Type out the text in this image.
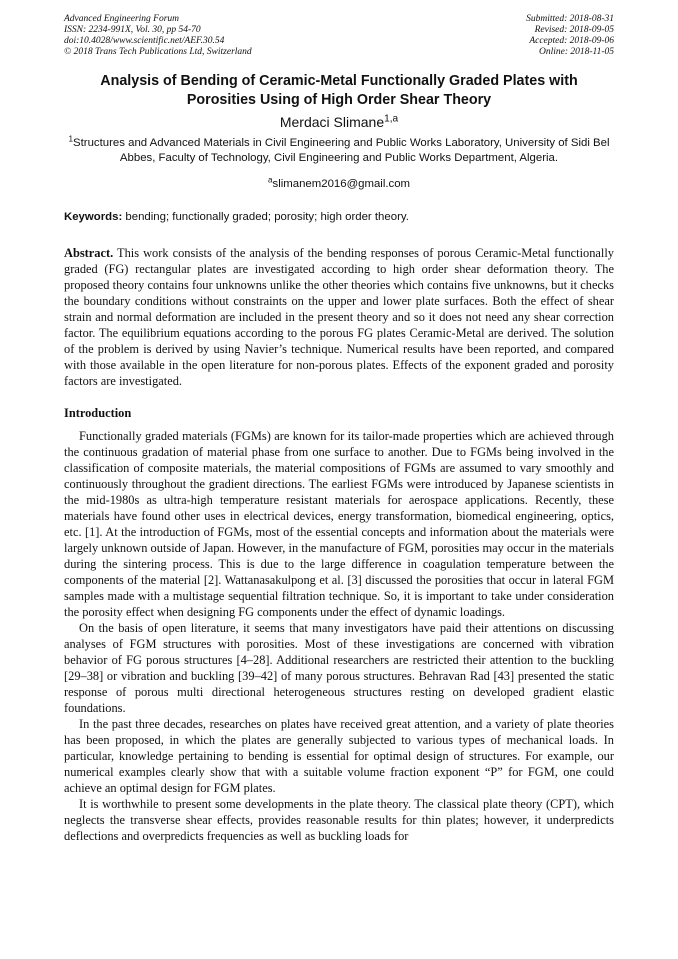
Advanced Engineering Forum
ISSN: 2234-991X, Vol. 30, pp 54-70
doi:10.4028/www.scientific.net/AEF.30.54
© 2018 Trans Tech Publications Ltd, Switzerland
Submitted: 2018-08-31
Revised: 2018-09-05
Accepted: 2018-09-06
Online: 2018-11-05
Analysis of Bending of Ceramic-Metal Functionally Graded Plates with Porosities Using of High Order Shear Theory
Merdaci Slimane$^{1,a}$
$^1$Structures and Advanced Materials in Civil Engineering and Public Works Laboratory, University of Sidi Bel Abbes, Faculty of Technology, Civil Engineering and Public Works Department, Algeria.
$^a$slimanem2016@gmail.com
Keywords: bending; functionally graded; porosity; high order theory.

Abstract. This work consists of the analysis of the bending responses of porous Ceramic-Metal functionally graded (FG) rectangular plates are investigated according to high order shear deformation theory. The proposed theory contains four unknowns unlike the other theories which contains five unknowns, but it checks the boundary conditions without constraints on the upper and lower plate surfaces. Both the effect of shear strain and normal deformation are included in the present theory and so it does not need any shear correction factor. The equilibrium equations according to the porous FG plates Ceramic-Metal are derived. The solution of the problem is derived by using Navier’s technique. Numerical results have been reported, and compared with those available in the open literature for non-porous plates. Effects of the exponent graded and porosity factors are investigated.

Introduction

Functionally graded materials (FGMs) are known for its tailor-made properties which are achieved through the continuous gradation of material phase from one surface to another. Due to FGMs being involved in the classification of composite materials, the material compositions of FGMs are assumed to vary smoothly and continuously throughout the gradient directions. The earliest FGMs were introduced by Japanese scientists in the mid-1980s as ultra-high temperature resistant materials for aerospace applications. Recently, these materials have found other uses in electrical devices, energy transformation, biomedical engineering, optics, etc. [1]. At the introduction of FGMs, most of the essential concepts and information about the materials were largely unknown outside of Japan. However, in the manufacture of FGM, porosities may occur in the materials during the sintering process. This is due to the large difference in coagulation temperature between the components of the material [2]. Wattanasakulpong et al. [3] discussed the porosities that occur in lateral FGM samples made with a multistage sequential filtration technique. So, it is important to take under consideration the porosity effect when designing FG components under the effect of dynamic loadings.

On the basis of open literature, it seems that many investigators have paid their attentions on discussing analyses of FGM structures with porosities. Most of these investigations are concerned with vibration behavior of FG porous structures [4–28]. Additional researchers are restricted their attention to the buckling [29–38] or vibration and buckling [39–42] of many porous structures. Behravan Rad [43] presented the static response of porous multi directional heterogeneous structures resting on developed gradient elastic foundations.

In the past three decades, researches on plates have received great attention, and a variety of plate theories has been proposed, in which the plates are generally subjected to various types of mechanical loads. In particular, knowledge pertaining to bending is essential for optimal design of structures. For example, our numerical examples clearly show that with a suitable volume fraction exponent “P” for FGM, one could achieve an optimal design for FGM plates.

It is worthwhile to present some developments in the plate theory. The classical plate theory (CPT), which neglects the transverse shear effects, provides reasonable results for thin plates; however, it underpredicts deflections and overpredicts frequencies as well as buckling loads for
